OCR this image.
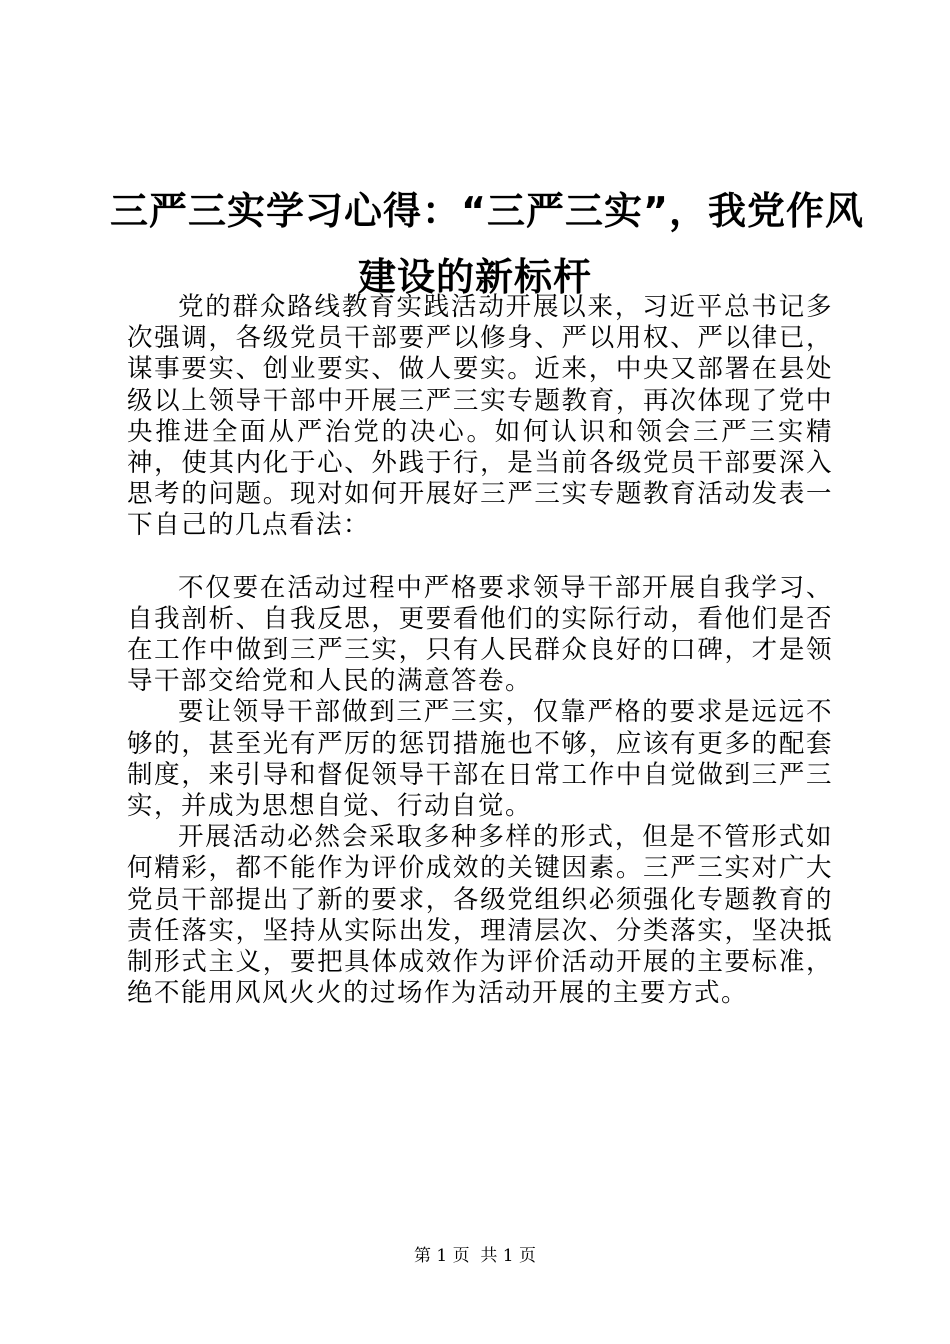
三严三实学习心得：“三严三实”，我党作风
建设的新标杆

党的群众路线教育实践活动开展以来，习近平总书记多次强调，各级党员干部要严以修身、严以用权、严以律已，谋事要实、创业要实、做人要实。近来，中央又部署在县处级以上领导干部中开展三严三实专题教育，再次体现了党中央推进全面从严治党的决心。如何认识和领会三严三实精神，使其内化于心、外践于行，是当前各级党员干部要深入思考的问题。现对如何开展好三严三实专题教育活动发表一下自己的几点看法：

不仅要在活动过程中严格要求领导干部开展自我学习、自我剖析、自我反思，更要看他们的实际行动，看他们是否在工作中做到三严三实，只有人民群众良好的口碑，才是领导干部交给党和人民的满意答卷。

要让领导干部做到三严三实，仅靠严格的要求是远远不够的，甚至光有严厉的惩罚措施也不够，应该有更多的配套制度，来引导和督促领导干部在日常工作中自觉做到三严三实，并成为思想自觉、行动自觉。

开展活动必然会采取多种多样的形式，但是不管形式如何精彩，都不能作为评价成效的关键因素。三严三实对广大党员干部提出了新的要求，各级党组织必须强化专题教育的责任落实，坚持从实际出发，理清层次、分类落实，坚决抵制形式主义，要把具体成效作为评价活动开展的主要标准，绝不能用风风火火的过场作为活动开展的主要方式。

第 1 页  共 1 页
